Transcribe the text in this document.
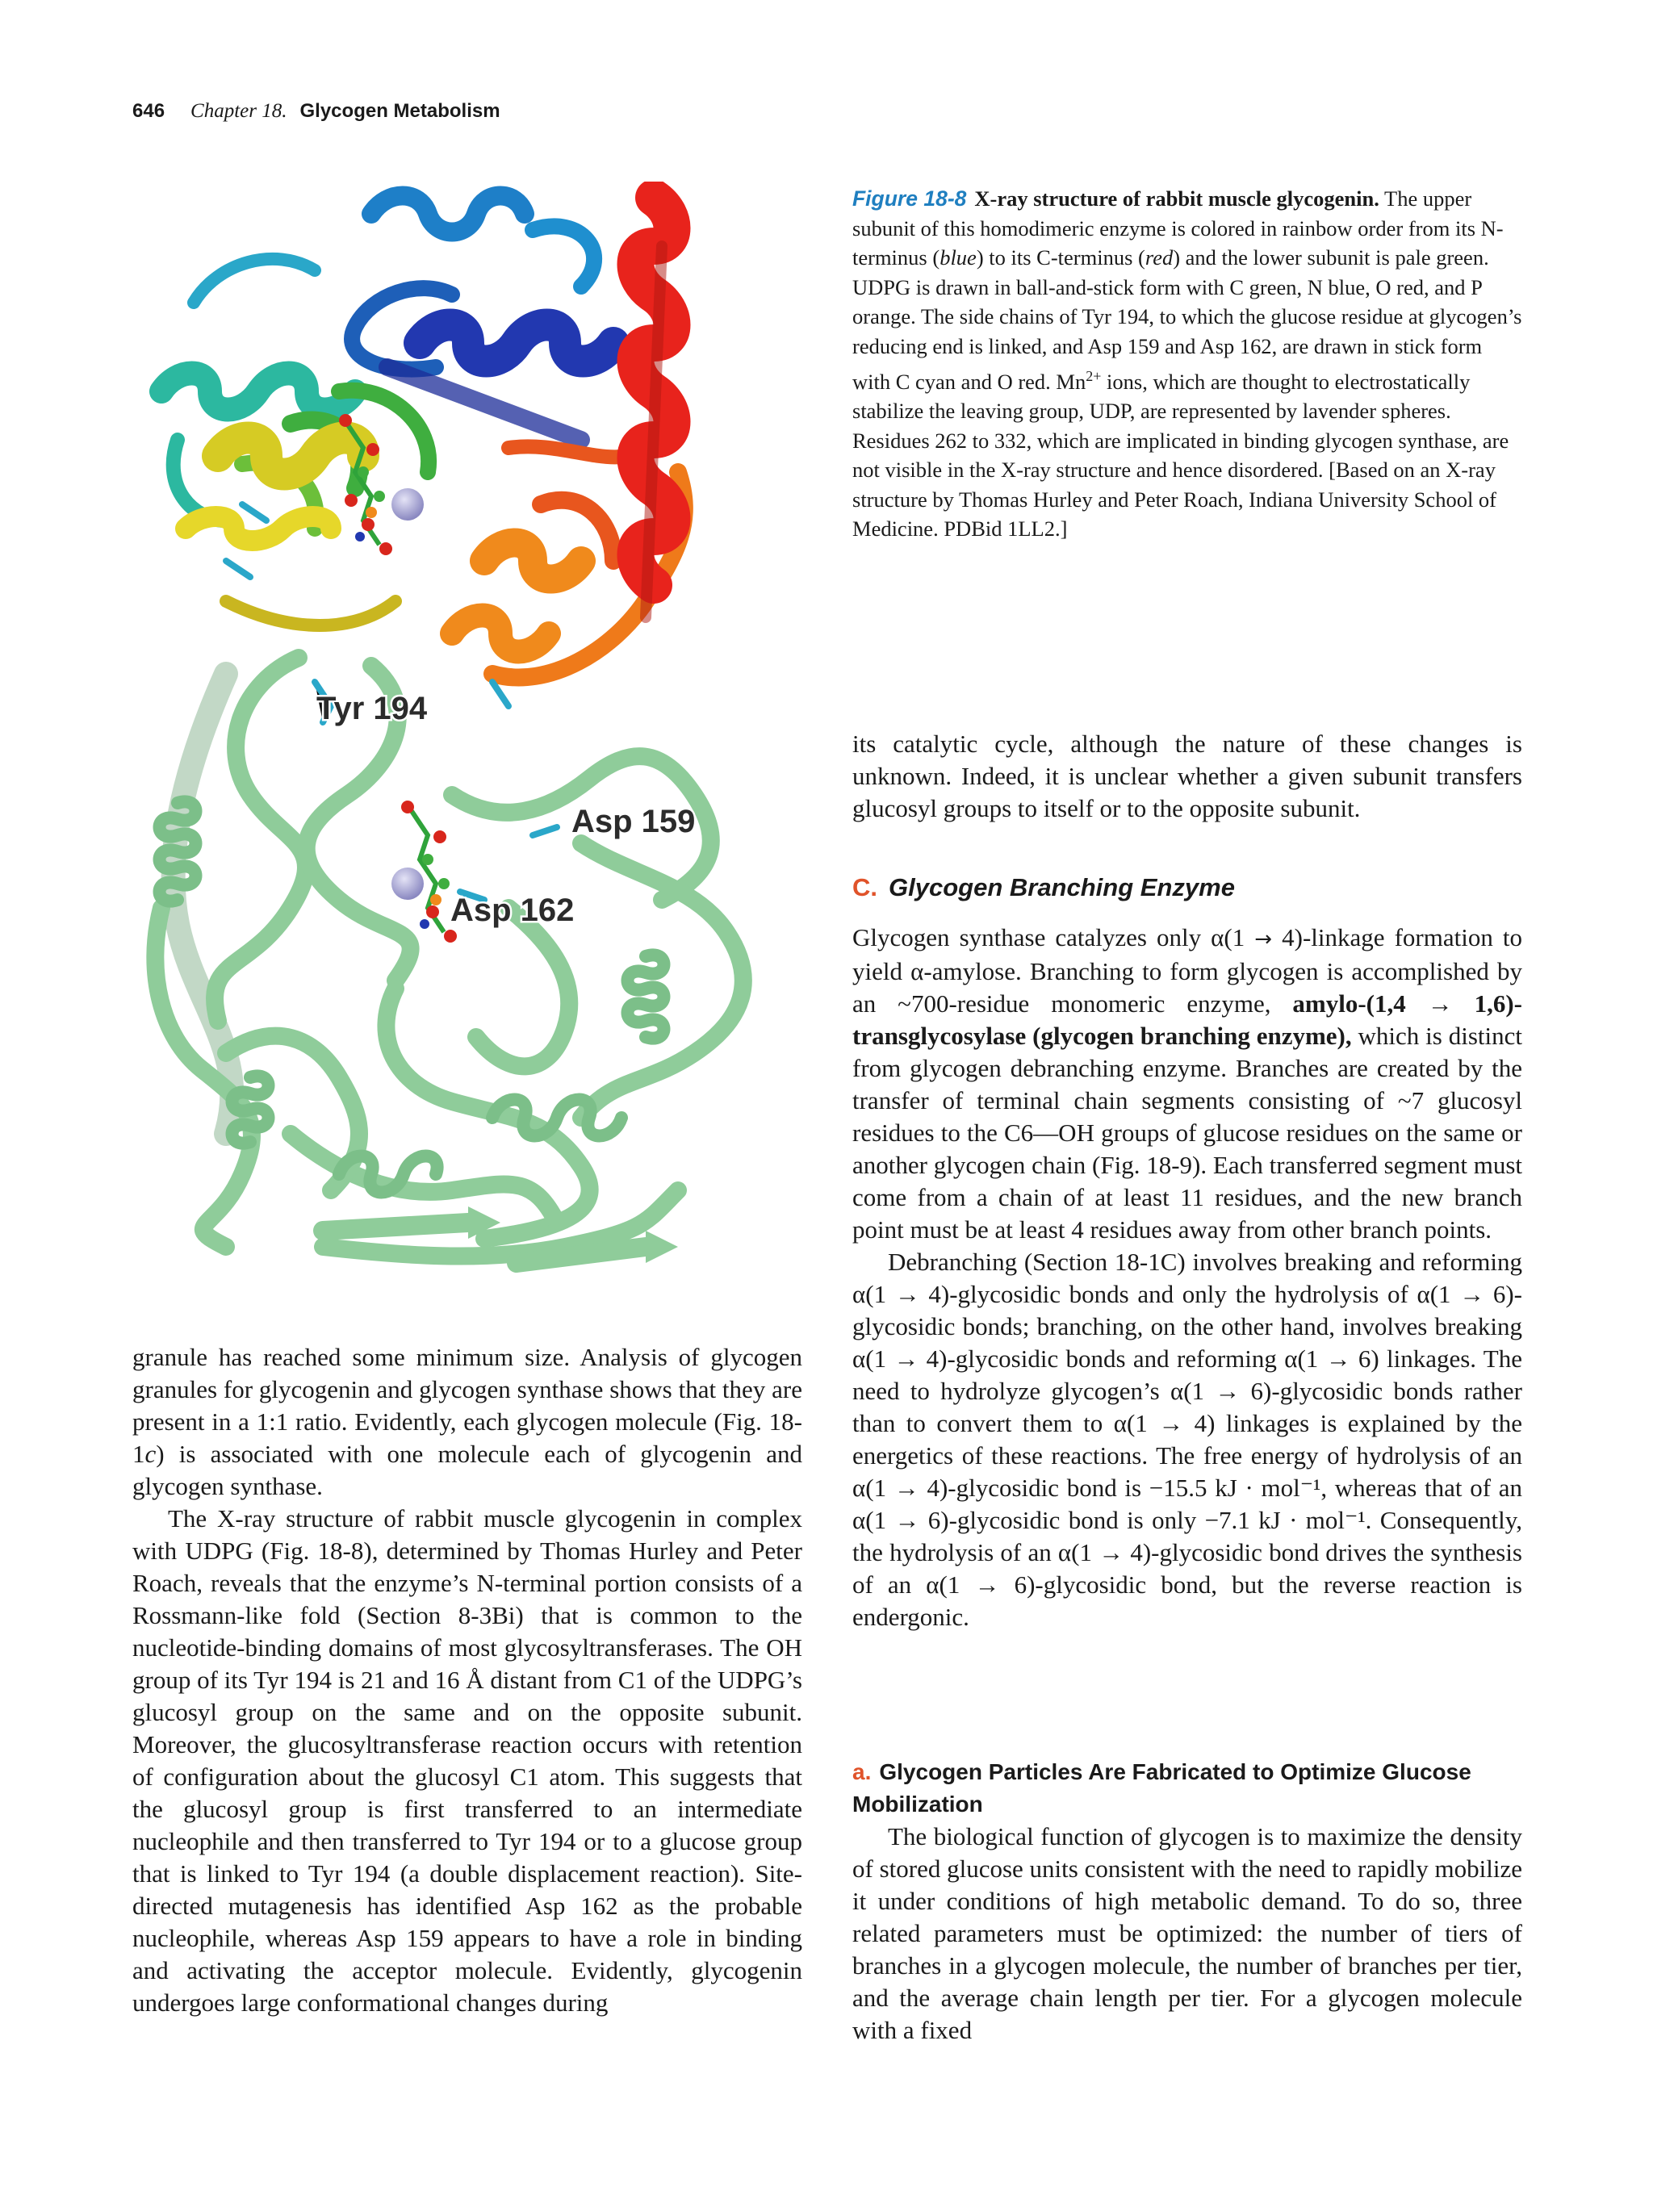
646 Chapter 18. Glycogen Metabolism
Tyr 194
Asp 159
Asp 162
Figure 18-8 X-ray structure of rabbit muscle glycogenin. The upper subunit of this homodimeric enzyme is colored in rainbow order from its N-terminus (blue) to its C-terminus (red) and the lower subunit is pale green. UDPG is drawn in ball-and-stick form with C green, N blue, O red, and P orange. The side chains of Tyr 194, to which the glucose residue at glycogen’s reducing end is linked, and Asp 159 and Asp 162, are drawn in stick form with C cyan and O red. $Mn^{2+}$ ions, which are thought to electrostatically stabilize the leaving group, UDP, are represented by lavender spheres. Residues 262 to 332, which are implicated in binding glycogen synthase, are not visible in the X-ray structure and hence disordered. [Based on an X-ray structure by Thomas Hurley and Peter Roach, Indiana University School of Medicine. PDBid 1LL2.]

its catalytic cycle, although the nature of these changes is unknown. Indeed, it is unclear whether a given subunit transfers glucosyl groups to itself or to the opposite subunit.

C. Glycogen Branching Enzyme

Glycogen synthase catalyzes only α(1 → 4)-linkage formation to yield α-amylose. Branching to form glycogen is accomplished by an ~700-residue monomeric enzyme, amylo-(1,4 → 1,6)-transglycosylase (glycogen branching enzyme), which is distinct from glycogen debranching enzyme. Branches are created by the transfer of terminal chain segments consisting of ~7 glucosyl residues to the C6—OH groups of glucose residues on the same or another glycogen chain (Fig. 18-9). Each transferred segment must come from a chain of at least 11 residues, and the new branch point must be at least 4 residues away from other branch points.

Debranching (Section 18-1C) involves breaking and reforming α(1 → 4)-glycosidic bonds and only the hydrolysis of α(1 → 6)-glycosidic bonds; branching, on the other hand, involves breaking α(1 → 4)-glycosidic bonds and reforming α(1 → 6) linkages. The need to hydrolyze glycogen’s α(1 → 6)-glycosidic bonds rather than to convert them to α(1 → 4) linkages is explained by the energetics of these reactions. The free energy of hydrolysis of an α(1 → 4)-glycosidic bond is −15.5 kJ · mol⁻¹, whereas that of an α(1 → 6)-glycosidic bond is only −7.1 kJ · mol⁻¹. Consequently, the hydrolysis of an α(1 → 4)-glycosidic bond drives the synthesis of an α(1 → 6)-glycosidic bond, but the reverse reaction is endergonic.

a. Glycogen Particles Are Fabricated to Optimize Glucose Mobilization

The biological function of glycogen is to maximize the density of stored glucose units consistent with the need to rapidly mobilize it under conditions of high metabolic demand. To do so, three related parameters must be optimized: the number of tiers of branches in a glycogen molecule, the number of branches per tier, and the average chain length per tier. For a glycogen molecule with a fixed

granule has reached some minimum size. Analysis of glycogen granules for glycogenin and glycogen synthase shows that they are present in a 1:1 ratio. Evidently, each glycogen molecule (Fig. 18-1c) is associated with one molecule each of glycogenin and glycogen synthase.

The X-ray structure of rabbit muscle glycogenin in complex with UDPG (Fig. 18-8), determined by Thomas Hurley and Peter Roach, reveals that the enzyme’s N-terminal portion consists of a Rossmann-like fold (Section 8-3Bi) that is common to the nucleotide-binding domains of most glycosyltransferases. The OH group of its Tyr 194 is 21 and 16 Å distant from C1 of the UDPG’s glucosyl group on the same and on the opposite subunit. Moreover, the glucosyltransferase reaction occurs with retention of configuration about the glucosyl C1 atom. This suggests that the glucosyl group is first transferred to an intermediate nucleophile and then transferred to Tyr 194 or to a glucose group that is linked to Tyr 194 (a double displacement reaction). Site-directed mutagenesis has identified Asp 162 as the probable nucleophile, whereas Asp 159 appears to have a role in binding and activating the acceptor molecule. Evidently, glycogenin undergoes large conformational changes during
